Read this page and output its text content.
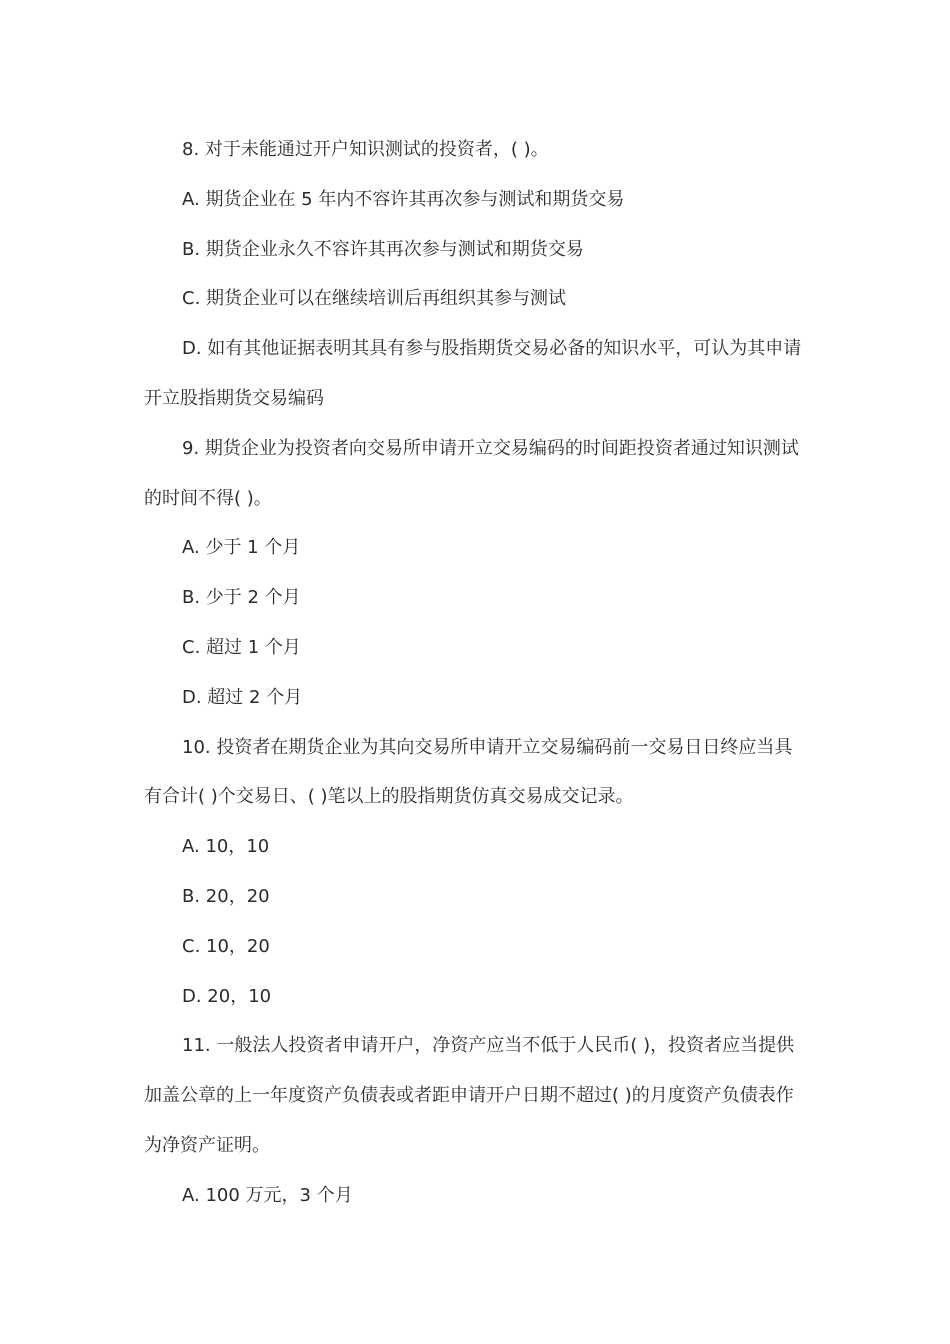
8. 对于未能通过开户知识测试的投资者，( )。

A. 期货企业在 5 年内不容许其再次参与测试和期货交易

B. 期货企业永久不容许其再次参与测试和期货交易

C. 期货企业可以在继续培训后再组织其参与测试

D. 如有其他证据表明其具有参与股指期货交易必备的知识水平，可认为其申请开立股指期货交易编码

9. 期货企业为投资者向交易所申请开立交易编码的时间距投资者通过知识测试的时间不得( )。

A. 少于 1 个月

B. 少于 2 个月

C. 超过 1 个月

D. 超过 2 个月

10. 投资者在期货企业为其向交易所申请开立交易编码前一交易日日终应当具有合计( )个交易日、( )笔以上的股指期货仿真交易成交记录。

A. 10，10

B. 20，20

C. 10，20

D. 20，10

11. 一般法人投资者申请开户，净资产应当不低于人民币( )，投资者应当提供加盖公章的上一年度资产负债表或者距申请开户日期不超过( )的月度资产负债表作为净资产证明。

A. 100 万元，3 个月
